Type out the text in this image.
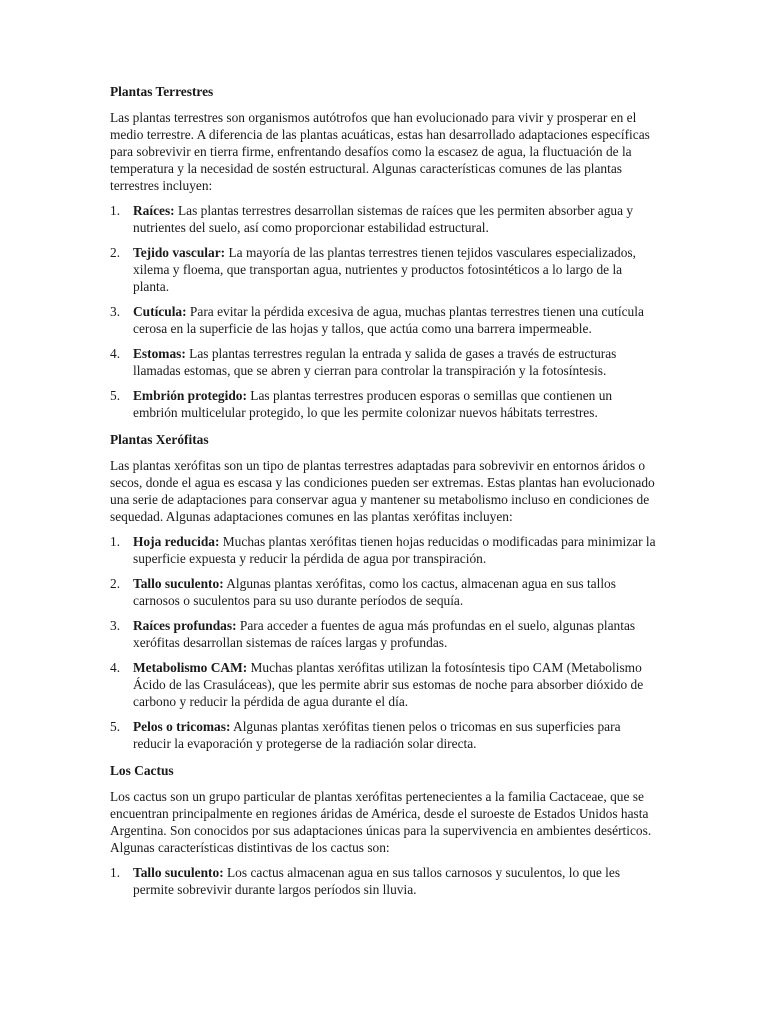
Plantas Terrestres

Las plantas terrestres son organismos autótrofos que han evolucionado para vivir y prosperar en el medio terrestre. A diferencia de las plantas acuáticas, estas han desarrollado adaptaciones específicas para sobrevivir en tierra firme, enfrentando desafíos como la escasez de agua, la fluctuación de la temperatura y la necesidad de sostén estructural. Algunas características comunes de las plantas terrestres incluyen:

1. Raíces: Las plantas terrestres desarrollan sistemas de raíces que les permiten absorber agua y nutrientes del suelo, así como proporcionar estabilidad estructural.
2. Tejido vascular: La mayoría de las plantas terrestres tienen tejidos vasculares especializados, xilema y floema, que transportan agua, nutrientes y productos fotosintéticos a lo largo de la planta.
3. Cutícula: Para evitar la pérdida excesiva de agua, muchas plantas terrestres tienen una cutícula cerosa en la superficie de las hojas y tallos, que actúa como una barrera impermeable.
4. Estomas: Las plantas terrestres regulan la entrada y salida de gases a través de estructuras llamadas estomas, que se abren y cierran para controlar la transpiración y la fotosíntesis.
5. Embrión protegido: Las plantas terrestres producen esporas o semillas que contienen un embrión multicelular protegido, lo que les permite colonizar nuevos hábitats terrestres.
Plantas Xerófitas

Las plantas xerófitas son un tipo de plantas terrestres adaptadas para sobrevivir en entornos áridos o secos, donde el agua es escasa y las condiciones pueden ser extremas. Estas plantas han evolucionado una serie de adaptaciones para conservar agua y mantener su metabolismo incluso en condiciones de sequedad. Algunas adaptaciones comunes en las plantas xerófitas incluyen:

1. Hoja reducida: Muchas plantas xerófitas tienen hojas reducidas o modificadas para minimizar la superficie expuesta y reducir la pérdida de agua por transpiración.
2. Tallo suculento: Algunas plantas xerófitas, como los cactus, almacenan agua en sus tallos carnosos o suculentos para su uso durante períodos de sequía.
3. Raíces profundas: Para acceder a fuentes de agua más profundas en el suelo, algunas plantas xerófitas desarrollan sistemas de raíces largas y profundas.
4. Metabolismo CAM: Muchas plantas xerófitas utilizan la fotosíntesis tipo CAM (Metabolismo Ácido de las Crasuláceas), que les permite abrir sus estomas de noche para absorber dióxido de carbono y reducir la pérdida de agua durante el día.
5. Pelos o tricomas: Algunas plantas xerófitas tienen pelos o tricomas en sus superficies para reducir la evaporación y protegerse de la radiación solar directa.
Los Cactus

Los cactus son un grupo particular de plantas xerófitas pertenecientes a la familia Cactaceae, que se encuentran principalmente en regiones áridas de América, desde el suroeste de Estados Unidos hasta Argentina. Son conocidos por sus adaptaciones únicas para la supervivencia en ambientes desérticos. Algunas características distintivas de los cactus son:

1. Tallo suculento: Los cactus almacenan agua en sus tallos carnosos y suculentos, lo que les permite sobrevivir durante largos períodos sin lluvia.
